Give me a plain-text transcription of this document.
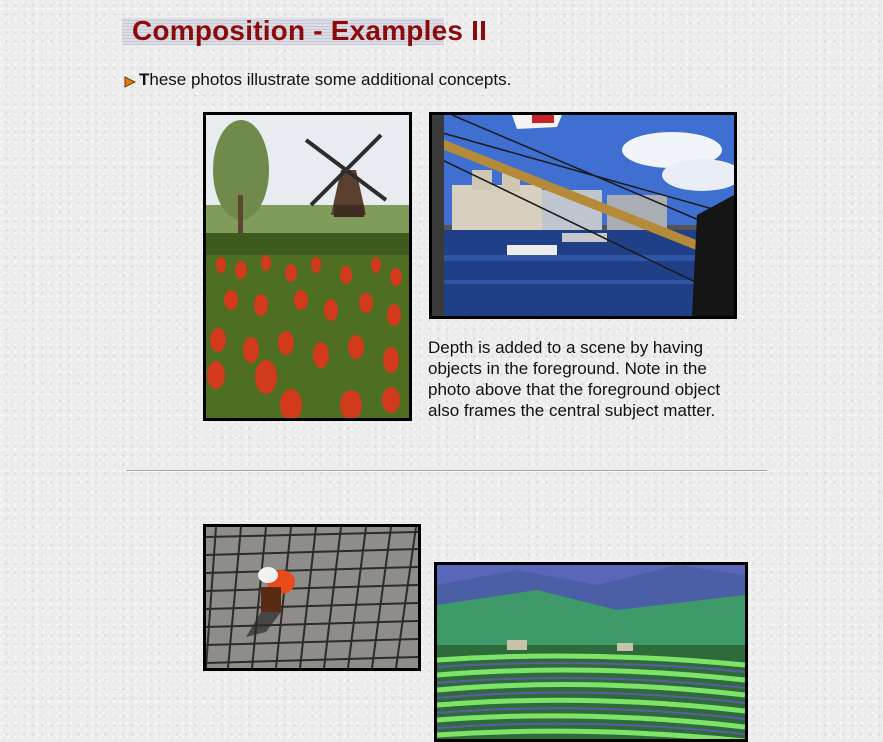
Composition - Examples II
These photos illustrate some additional concepts.
Depth is added to a scene by having objects in the foreground. Note in the photo above that the foreground object also frames the central subject matter.
